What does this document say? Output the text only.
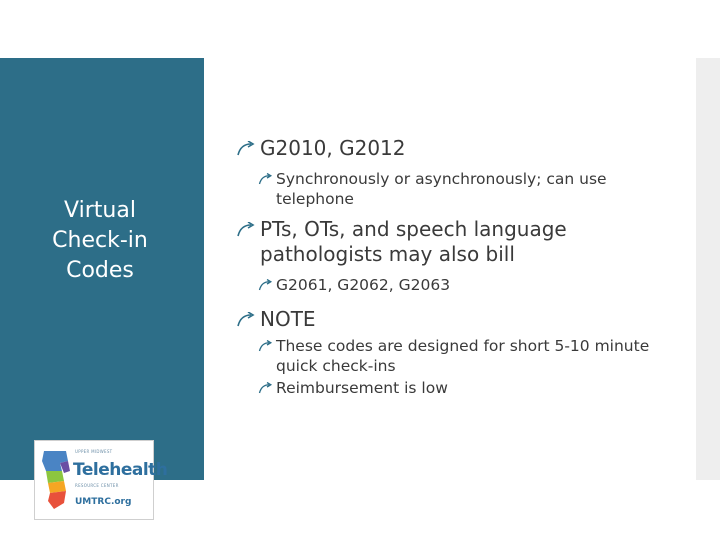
Virtual Check-in Codes
G2010, G2012
Synchronously or asynchronously; can use telephone
PTs, OTs, and speech language pathologists may also bill
G2061, G2062, G2063
NOTE
These codes are designed for short 5-10 minute quick check-ins
Reimbursement is low
UPPER MIDWEST
Telehealth
RESOURCE CENTER
UMTRC.org
